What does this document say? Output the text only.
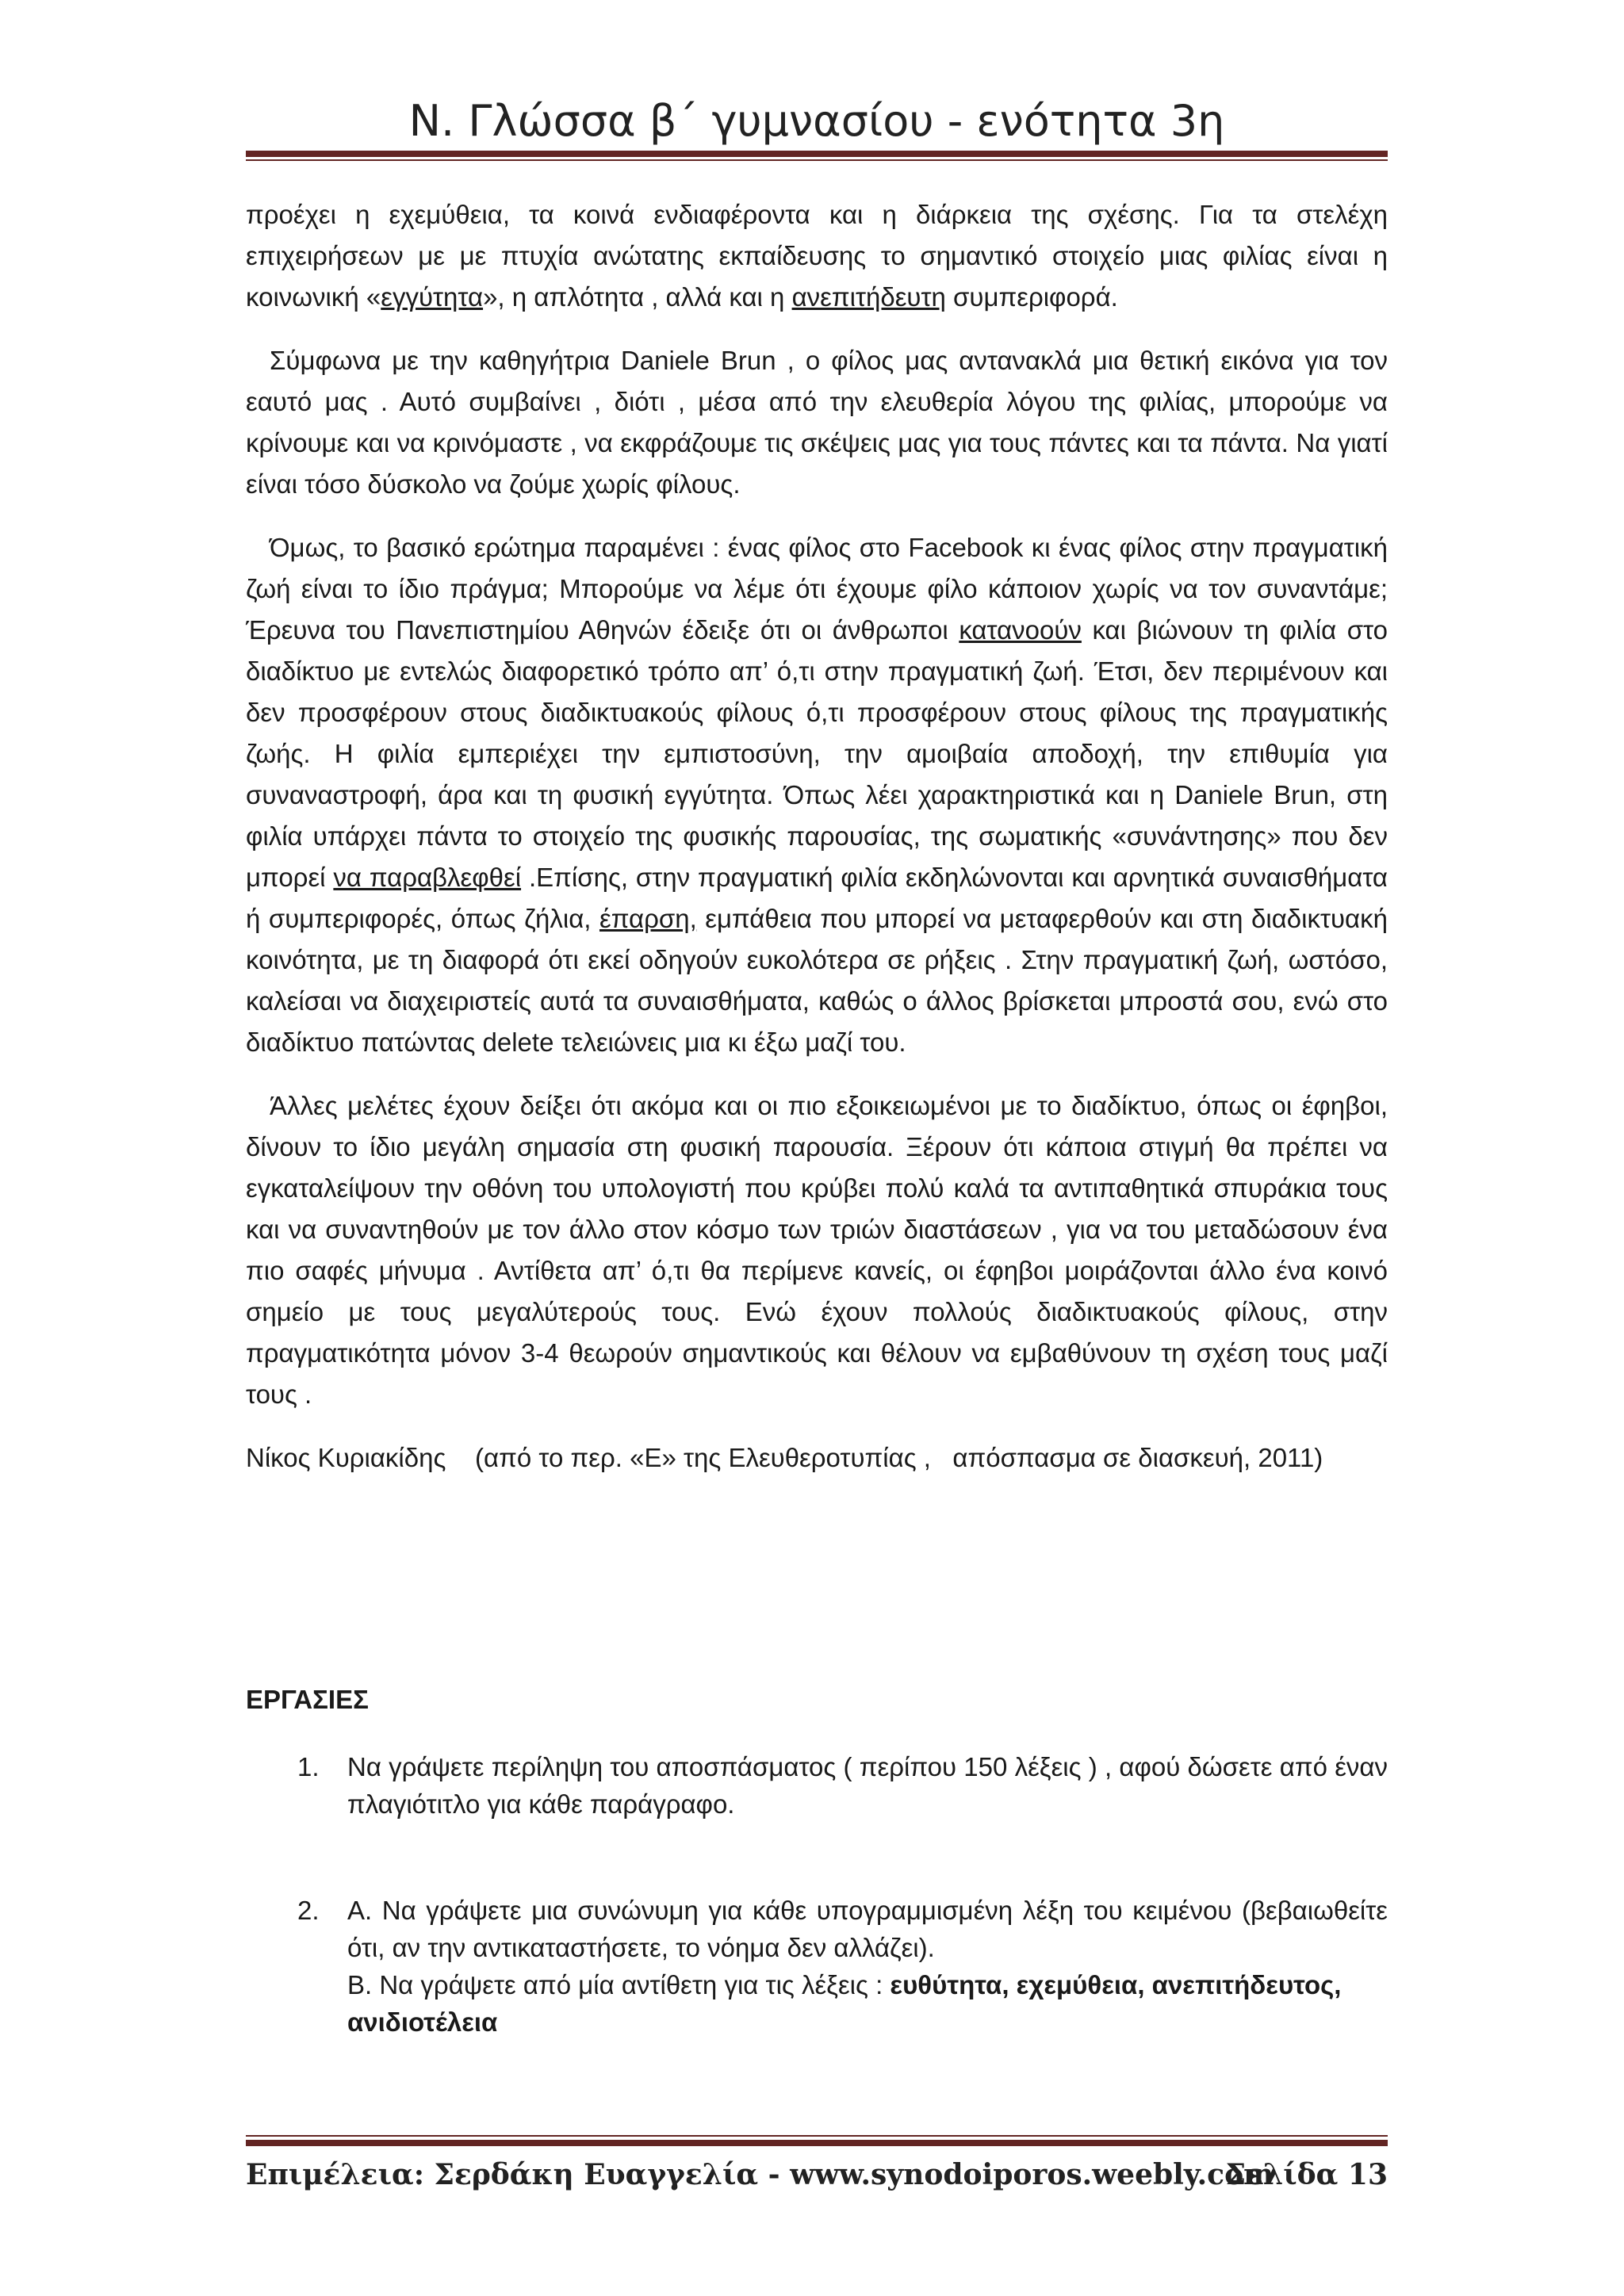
Ν. Γλώσσα β΄ γυμνασίου - ενότητα 3η

προέχει η εχεμύθεια, τα κοινά ενδιαφέροντα και η διάρκεια της σχέσης. Για τα στελέχη επιχειρήσεων με με πτυχία ανώτατης εκπαίδευσης το σημαντικό στοιχείο μιας φιλίας είναι η κοινωνική «εγγύτητα», η απλότητα , αλλά και η ανεπιτήδευτη συμπεριφορά.

Σύμφωνα με την καθηγήτρια Daniele Brun , ο φίλος μας αντανακλά μια θετική εικόνα για τον εαυτό μας . Αυτό συμβαίνει , διότι , μέσα από την ελευθερία λόγου της φιλίας, μπορούμε να κρίνουμε και να κρινόμαστε , να εκφράζουμε τις σκέψεις μας για τους πάντες και τα πάντα. Να γιατί είναι τόσο δύσκολο να ζούμε χωρίς φίλους.

Όμως, το βασικό ερώτημα παραμένει : ένας φίλος στο Facebook κι ένας φίλος στην πραγματική ζωή είναι το ίδιο πράγμα; Μπορούμε να λέμε ότι έχουμε φίλο κάποιον χωρίς να τον συναντάμε; Έρευνα του Πανεπιστημίου Αθηνών έδειξε ότι οι άνθρωποι κατανοούν και βιώνουν τη φιλία στο διαδίκτυο με εντελώς διαφορετικό τρόπο απ’ ό,τι στην πραγματική ζωή. Έτσι, δεν περιμένουν και δεν προσφέρουν στους διαδικτυακούς φίλους ό,τι προσφέρουν στους φίλους της πραγματικής ζωής. Η φιλία εμπεριέχει την εμπιστοσύνη, την αμοιβαία αποδοχή, την επιθυμία για συναναστροφή, άρα και τη φυσική εγγύτητα. Όπως λέει χαρακτηριστικά και η Daniele Brun, στη φιλία υπάρχει πάντα το στοιχείο της φυσικής παρουσίας, της σωματικής «συνάντησης» που δεν μπορεί να παραβλεφθεί .Επίσης, στην πραγματική φιλία εκδηλώνονται και αρνητικά συναισθήματα ή συμπεριφορές, όπως ζήλια, έπαρση, εμπάθεια που μπορεί να μεταφερθούν και στη διαδικτυακή κοινότητα, με τη διαφορά ότι εκεί οδηγούν ευκολότερα σε ρήξεις . Στην πραγματική ζωή, ωστόσο, καλείσαι να διαχειριστείς αυτά τα συναισθήματα, καθώς ο άλλος βρίσκεται μπροστά σου, ενώ στο διαδίκτυο πατώντας delete τελειώνεις μια κι έξω μαζί του.

Άλλες μελέτες έχουν δείξει ότι ακόμα και οι πιο εξοικειωμένοι με το διαδίκτυο, όπως οι έφηβοι, δίνουν το ίδιο μεγάλη σημασία στη φυσική παρουσία. Ξέρουν ότι κάποια στιγμή θα πρέπει να εγκαταλείψουν την οθόνη του υπολογιστή που κρύβει πολύ καλά τα αντιπαθητικά σπυράκια τους και να συναντηθούν με τον άλλο στον κόσμο των τριών διαστάσεων , για να του μεταδώσουν ένα πιο σαφές μήνυμα . Αντίθετα απ’ ό,τι θα περίμενε κανείς, οι έφηβοι μοιράζονται άλλο ένα κοινό σημείο με τους μεγαλύτερούς τους. Ενώ έχουν πολλούς διαδικτυακούς φίλους, στην πραγματικότητα μόνον 3-4 θεωρούν σημαντικούς και θέλουν να εμβαθύνουν τη σχέση τους μαζί τους .

Νίκος Κυριακίδης    (από το περ. «Ε» της Ελευθεροτυπίας ,   απόσπασμα σε διασκευή, 2011)

ΕΡΓΑΣΙΕΣ
1. Να γράψετε περίληψη του αποσπάσματος ( περίπου 150 λέξεις ) , αφού δώσετε από έναν πλαγιότιτλο για κάθε παράγραφο.
2. Α. Να γράψετε μια συνώνυμη για κάθε υπογραμμισμένη λέξη του κειμένου (βεβαιωθείτε ότι, αν την αντικαταστήσετε, το νόημα δεν αλλάζει).
Β. Να γράψετε από μία αντίθετη για τις λέξεις : ευθύτητα, εχεμύθεια, ανεπιτήδευτος, ανιδιοτέλεια
Επιμέλεια: Σερδάκη Ευαγγελία - www.synodoiporos.weebly.com
Σελίδα 13
